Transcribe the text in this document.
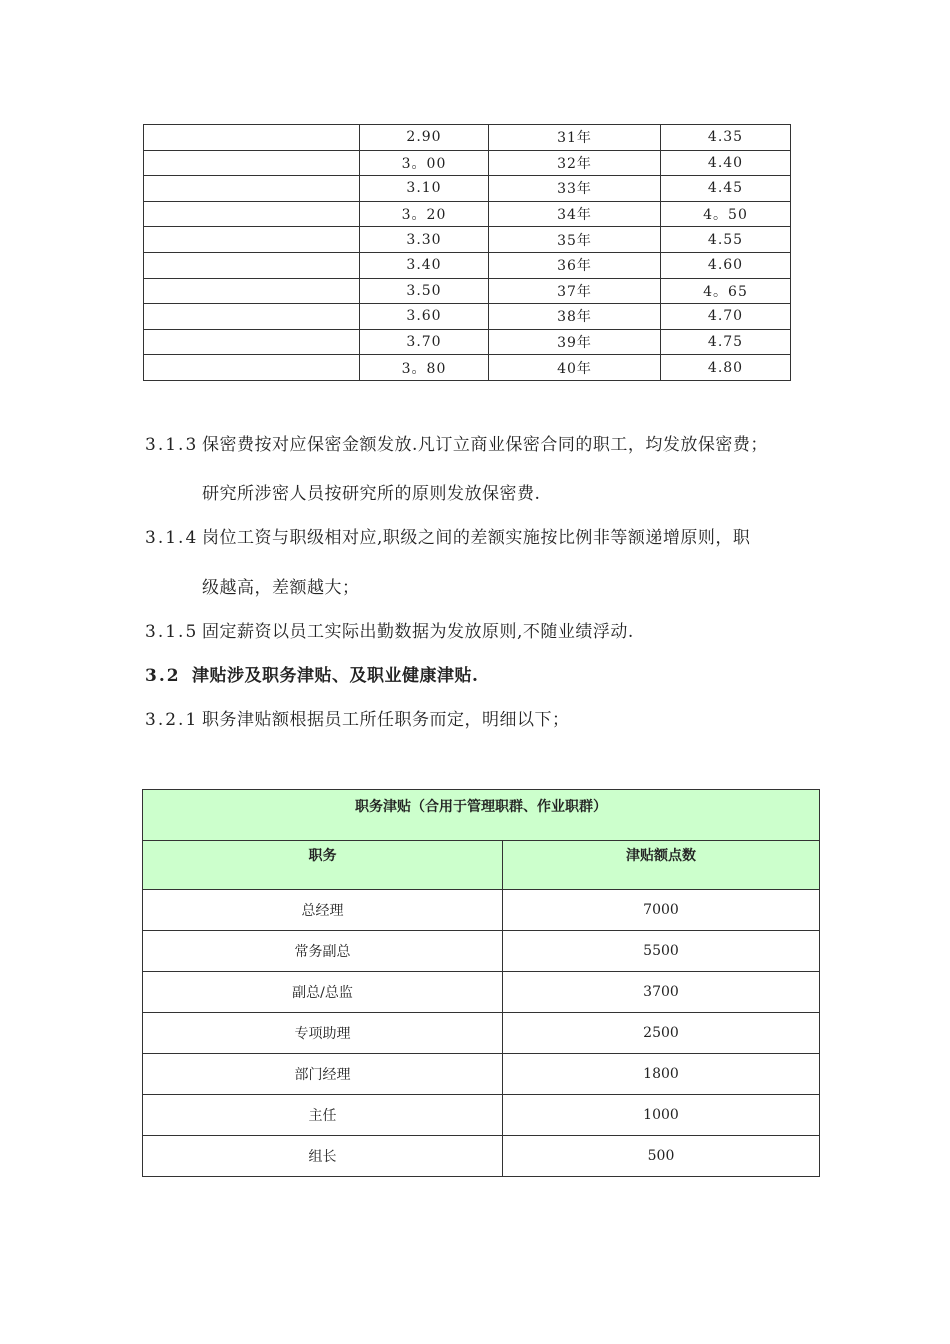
	2.90	31年	4.35
	3。00	32年	4.40
	3.10	33年	4.45
	3。20	34年	4。50
	3.30	35年	4.55
	3.40	36年	4.60
	3.50	37年	4。65
	3.60	38年	4.70
	3.70	39年	4.75
	3。80	40年	4.80
3.1.3 保密费按对应保密金额发放.凡订立商业保密合同的职工，均发放保密费；
研究所涉密人员按研究所的原则发放保密费.
3.1.4 岗位工资与职级相对应,职级之间的差额实施按比例非等额递增原则，职
级越高，差额越大；
3.1.5 固定薪资以员工实际出勤数据为发放原则,不随业绩浮动.
3.2 津贴涉及职务津贴、及职业健康津贴.
3.2.1 职务津贴额根据员工所任职务而定，明细以下；
职务津贴（合用于管理职群、作业职群）	
职务	津贴额点数
总经理	7000
常务副总	5500
副总/总监	3700
专项助理	2500
部门经理	1800
主任	1000
组长	500
